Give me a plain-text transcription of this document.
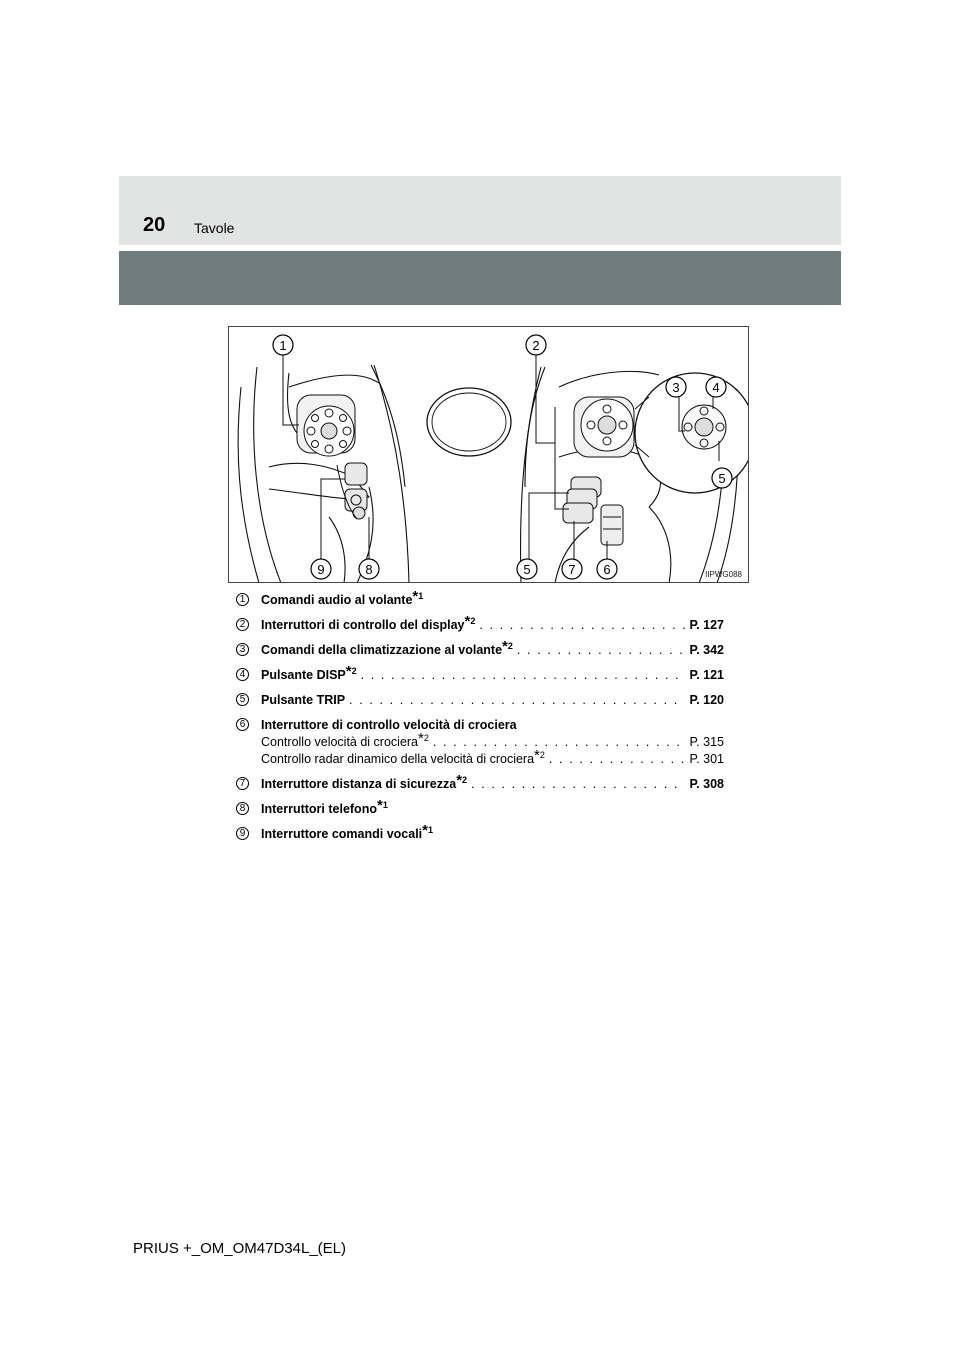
20 Tavole
1	2
3	4
5
9	8	5	7 6	IIPWG088
1 Comandi audio al volante$^{*1}$
2 Interruttori di controllo del display$^{*2}$ . . .	P. 127
3 Comandi della climatizzazione al volante$^{*2}$ . . .	P. 342
4 Pulsante DISP$^{*2}$ . . .	P. 121
5 Pulsante TRIP . . .	P. 120
6 Interruttore di controllo velocità di crociera
Controllo velocità di crociera$^{*2}$ . . .	P. 315
Controllo radar dinamico della velocità di crociera$^{*2}$ . . .	P. 301
7 Interruttore distanza di sicurezza$^{*2}$ . . .	P. 308
8 Interruttori telefono$^{*1}$
9 Interruttore comandi vocali$^{*1}$
PRIUS +_OM_OM47D34L_(EL)
